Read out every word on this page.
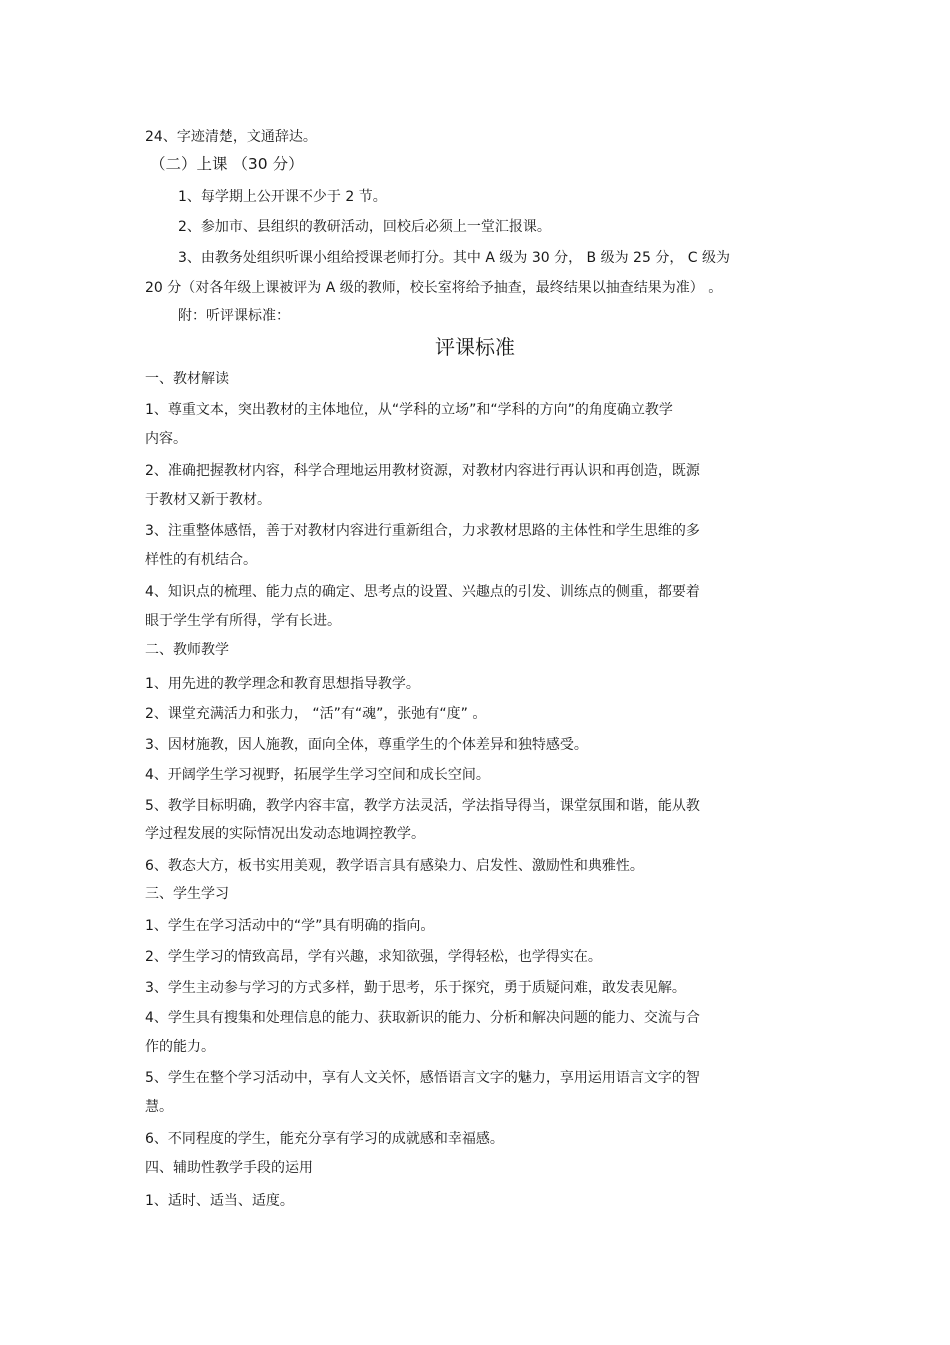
24、字迹清楚，文通辞达。
（二）上课 （30 分）
1、每学期上公开课不少于 2 节。
2、参加市、县组织的教研活动，回校后必须上一堂汇报课。
3、由教务处组织听课小组给授课老师打分。其中 A 级为 30 分， B 级为 25 分， C 级为
20 分（对各年级上课被评为 A 级的教师，校长室将给予抽查，最终结果以抽查结果为准） 。
附：听评课标准：
评课标准
一、教材解读
1、尊重文本，突出教材的主体地位，从“学科的立场”和“学科的方向”的角度确立教学
内容。
2、准确把握教材内容，科学合理地运用教材资源，对教材内容进行再认识和再创造，既源
于教材又新于教材。
3、注重整体感悟，善于对教材内容进行重新组合，力求教材思路的主体性和学生思维的多
样性的有机结合。
4、知识点的梳理、能力点的确定、思考点的设置、兴趣点的引发、训练点的侧重，都要着
眼于学生学有所得，学有长进。
二、教师教学
1、用先进的教学理念和教育思想指导教学。
2、课堂充满活力和张力， “活”有“魂”，张弛有“度” 。
3、因材施教，因人施教，面向全体，尊重学生的个体差异和独特感受。
4、开阔学生学习视野，拓展学生学习空间和成长空间。
5、教学目标明确，教学内容丰富，教学方法灵活，学法指导得当，课堂氛围和谐，能从教
学过程发展的实际情况出发动态地调控教学。
6、教态大方，板书实用美观，教学语言具有感染力、启发性、激励性和典雅性。
三、学生学习
1、学生在学习活动中的“学”具有明确的指向。
2、学生学习的情致高昂，学有兴趣，求知欲强，学得轻松，也学得实在。
3、学生主动参与学习的方式多样，勤于思考，乐于探究，勇于质疑问难，敢发表见解。
4、学生具有搜集和处理信息的能力、获取新识的能力、分析和解决问题的能力、交流与合
作的能力。
5、学生在整个学习活动中，享有人文关怀，感悟语言文字的魅力，享用运用语言文字的智
慧。
6、不同程度的学生，能充分享有学习的成就感和幸福感。
四、辅助性教学手段的运用
1、适时、适当、适度。
